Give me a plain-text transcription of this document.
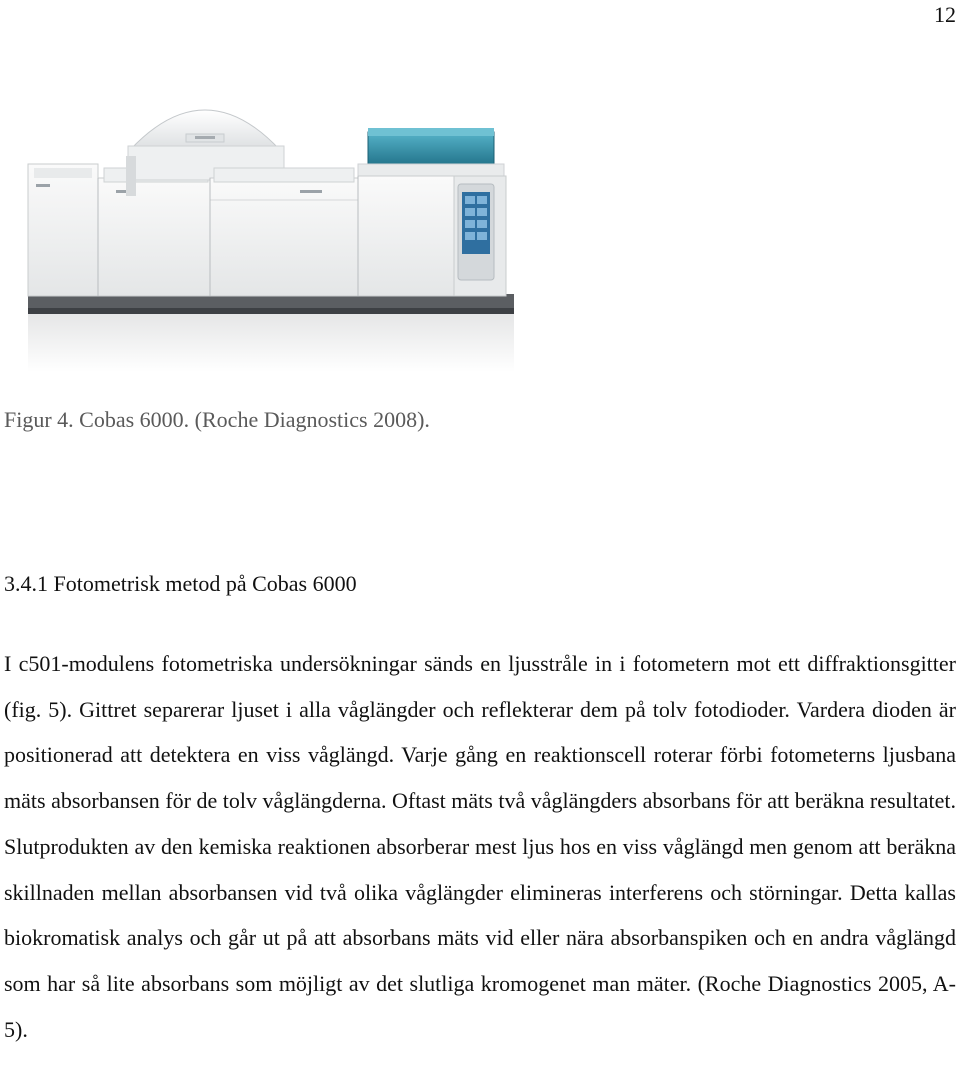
12
Figur 4. Cobas 6000. (Roche Diagnostics 2008).
3.4.1 Fotometrisk metod på Cobas 6000

I c501-modulens fotometriska undersökningar sänds en ljusstråle in i fotometern mot ett diffraktionsgitter (fig. 5). Gittret separerar ljuset i alla våglängder och reflekterar dem på tolv fotodioder. Vardera dioden är positionerad att detektera en viss våglängd. Varje gång en reaktionscell roterar förbi fotometerns ljusbana mäts absorbansen för de tolv våglängderna. Oftast mäts två våglängders absorbans för att beräkna resultatet. Slutprodukten av den kemiska reaktionen absorberar mest ljus hos en viss våglängd men genom att beräkna skillnaden mellan absorbansen vid två olika våglängder elimineras interferens och störningar. Detta kallas biokromatisk analys och går ut på att absorbans mäts vid eller nära absorbanspiken och en andra våglängd som har så lite absorbans som möjligt av det slutliga kromogenet man mäter. (Roche Diagnostics 2005, A-5).
